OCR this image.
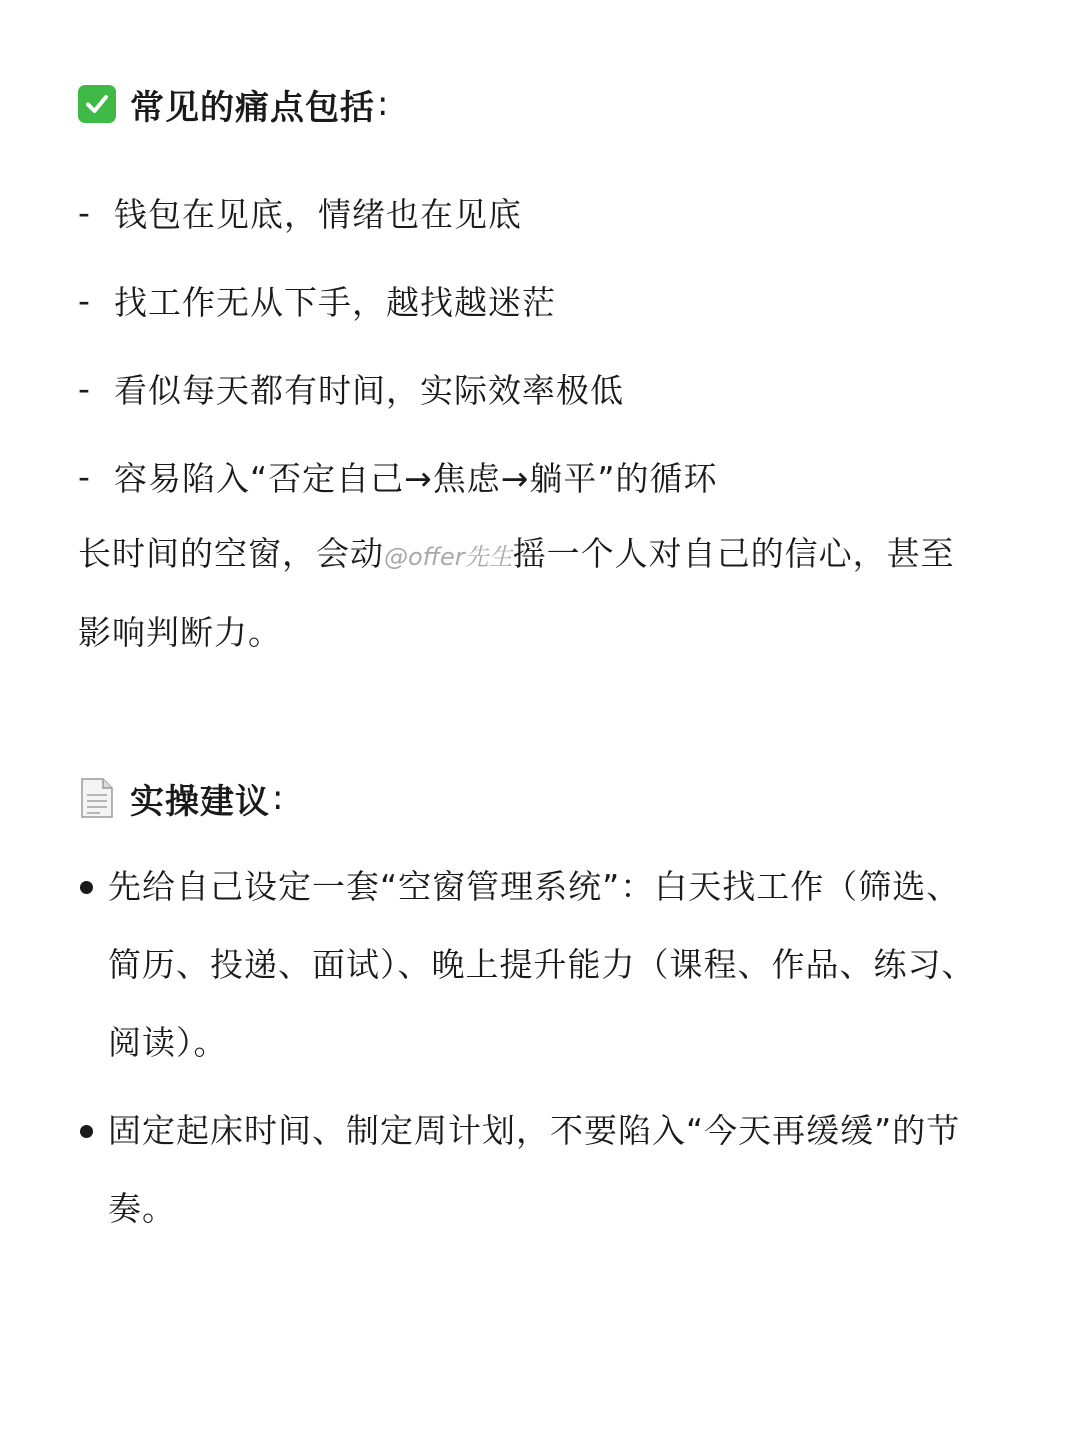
常见的痛点包括 :
- 钱包在见底，情绪也在见底
- 找工作无从下手，越找越迷茫
- 看似每天都有时间，实际效率极低
- 容易陷入“否定自己→焦虑→躺平”的循环

长时间的空窗，会动@offer先生摇一个人对自己的信心，甚至影响判断力。

实操建议 :
先给自己设定一套“空窗管理系统”：白天找工作（筛选、简历、投递、面试）、晚上提升能力（课程、作品、练习、阅读）。
固定起床时间、制定周计划，不要陷入“今天再缓缓”的节奏。
